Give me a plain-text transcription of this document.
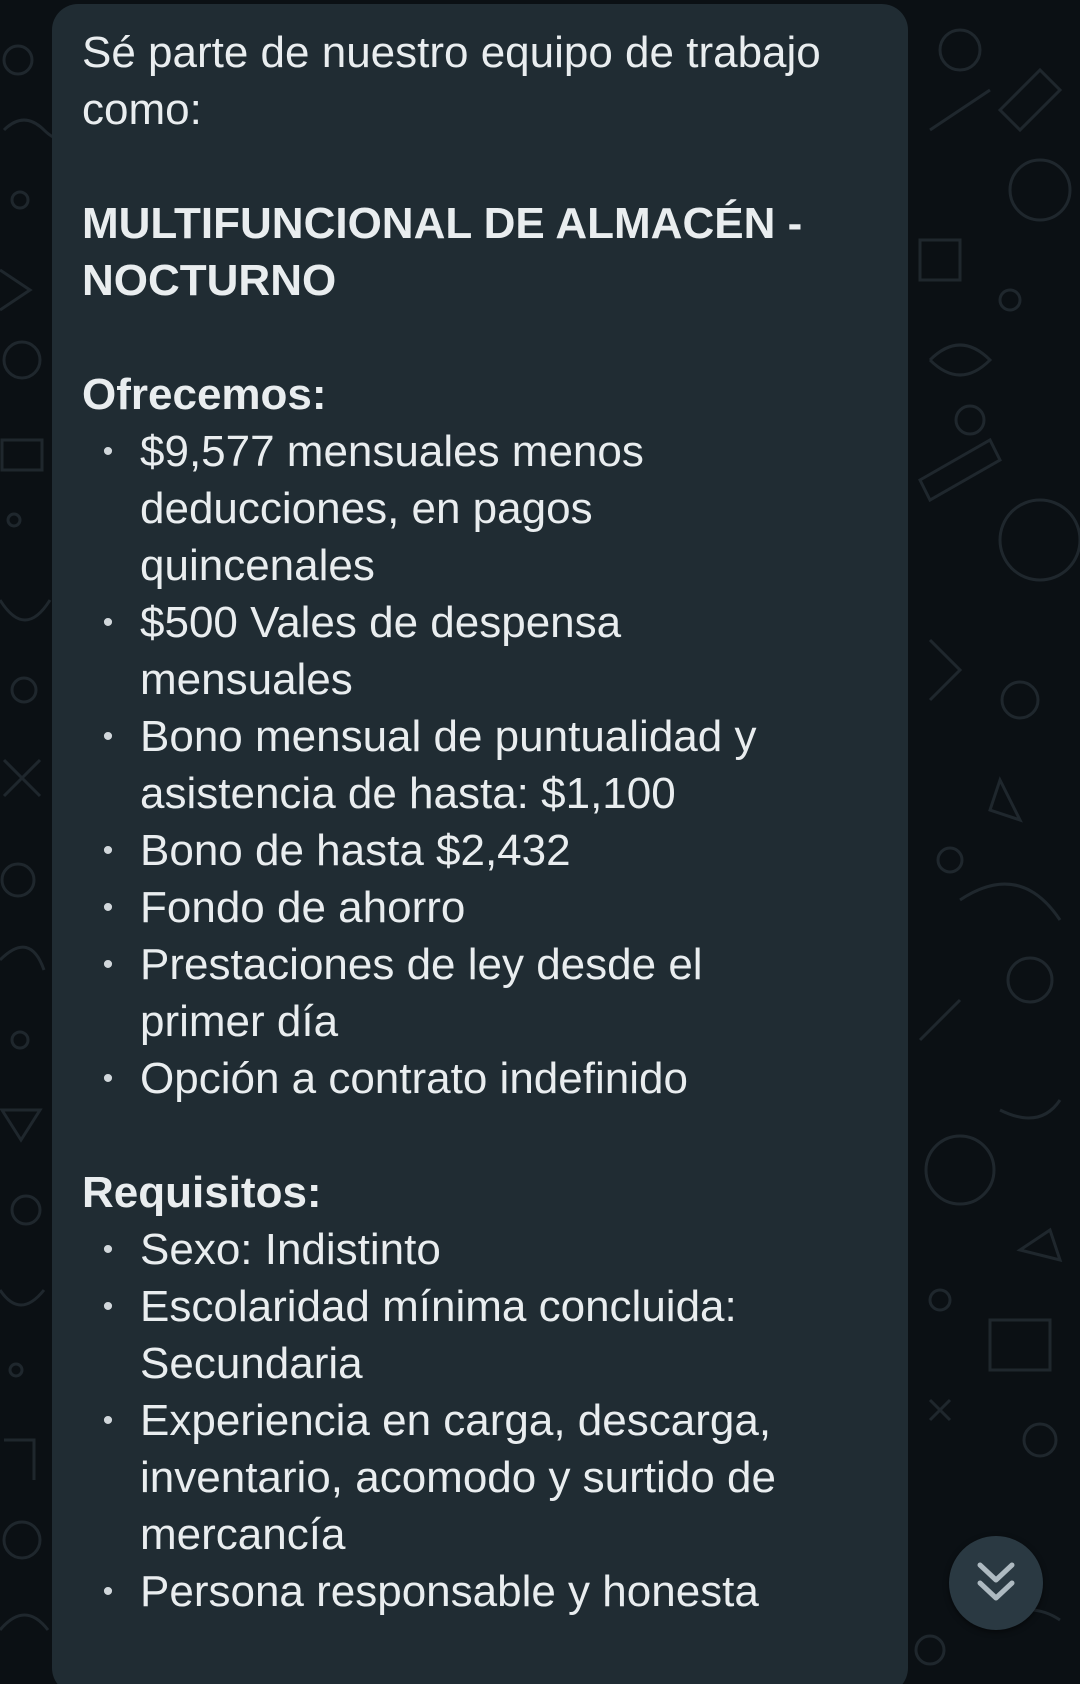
Sé parte de nuestro equipo de trabajo
como:
MULTIFUNCIONAL DE ALMACÉN -
NOCTURNO
Ofrecemos:
• $9,577 mensuales menos
deducciones, en pagos
quincenales
• $500 Vales de despensa
mensuales
• Bono mensual de puntualidad y
asistencia de hasta: $1,100
• Bono de hasta $2,432
• Fondo de ahorro
• Prestaciones de ley desde el
primer día
• Opción a contrato indefinido
Requisitos:
• Sexo: Indistinto
• Escolaridad mínima concluida:
Secundaria
• Experiencia en carga, descarga,
inventario, acomodo y surtido de
mercancía
• Persona responsable y honesta
